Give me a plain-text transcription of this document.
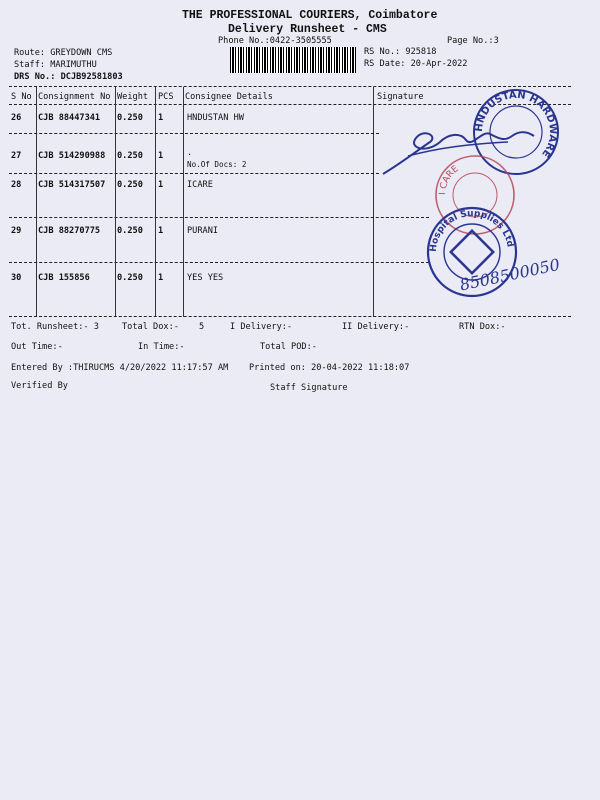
THE PROFESSIONAL COURIERS, Coimbatore
Delivery Runsheet - CMS
Phone No.:0422-3505555	Page No.:3
Route: GREYDOWN CMS
Staff: MARIMUTHU
DRS No.: DCJB92581803
RS No.: 925818
RS Date: 20-Apr-2022
S No Consignment No Weight PCS Consignee Details	Signature
26 CJB 88447341 0.250 1	HNDUSTAN HW
27 CJB 514290988 0.250 1	.
No.Of Docs: 2
28 CJB 514317507 0.250 1	ICARE
29 CJB 88270775 0.250 1	PURANI
30 CJB 155856	0.250 1	YES YES
HNDUSTAN HARDWARE
I CARE
Hospital Supplies Ltd
8508500050
Tot. Runsheet:- 3	Total Dox:- 5	I Delivery:-	II Delivery:-	RTN Dox:-
Out Time:-	In Time:-	Total POD:-
Entered By :THIRUCMS 4/20/2022 11:17:57 AM Printed on: 20-04-2022 11:18:07
Verified By	Staff Signature
